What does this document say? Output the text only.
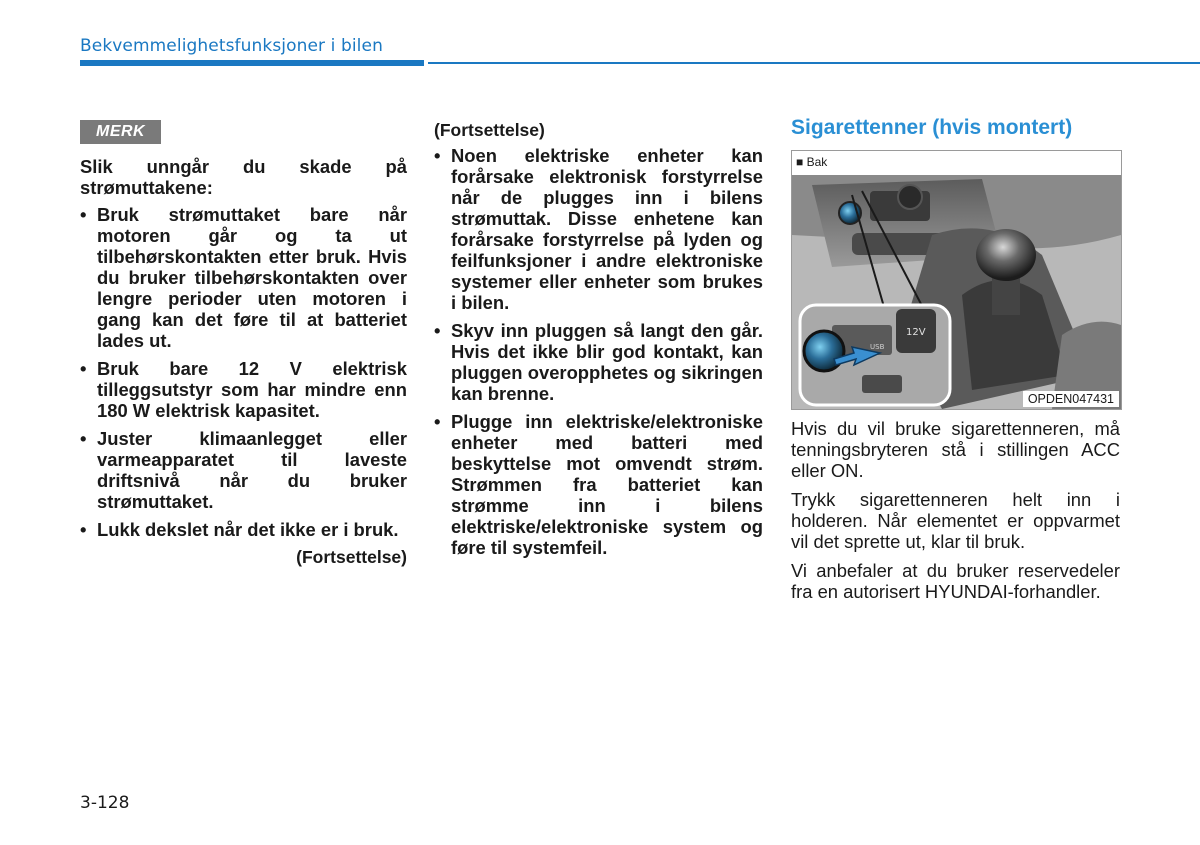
Bekvemmelighetsfunksjoner i bilen
MERK

Slik unngår du skade på strømuttakene:

• Bruk strømuttaket bare når motoren går og ta ut tilbehørskontakten etter bruk. Hvis du bruker tilbehørskontakten over lengre perioder uten motoren i gang kan det føre til at batteriet lades ut.
• Bruk bare 12 V elektrisk tilleggsutstyr som har mindre enn 180 W elektrisk kapasitet.
• Juster klimaanlegget eller varmeapparatet til laveste driftsnivå når du bruker strømuttaket.
• Lukk dekslet når det ikke er i bruk.
(Fortsettelse)
(Fortsettelse)
• Noen elektriske enheter kan forårsake elektronisk forstyrrelse når de plugges inn i bilens strømuttak. Disse enhetene kan forårsake forstyrrelse på lyden og feilfunksjoner i andre elektroniske systemer eller enheter som brukes i bilen.
• Skyv inn pluggen så langt den går. Hvis det ikke blir god kontakt, kan pluggen overopphetes og sikringen kan brenne.
• Plugge inn elektriske/elektroniske enheter med batteri med beskyttelse mot omvendt strøm. Strømmen fra batteriet kan strømme inn i bilens elektriske/elektroniske system og føre til systemfeil.
Sigarettenner (hvis montert)
■ Bak
12V
USB
OPDEN047431

Hvis du vil bruke sigarettenneren, må tenningsbryteren stå i stillingen ACC eller ON.

Trykk sigarettenneren helt inn i holderen. Når elementet er oppvarmet vil det sprette ut, klar til bruk.

Vi anbefaler at du bruker reservedeler fra en autorisert HYUNDAI-forhandler.

3-128
